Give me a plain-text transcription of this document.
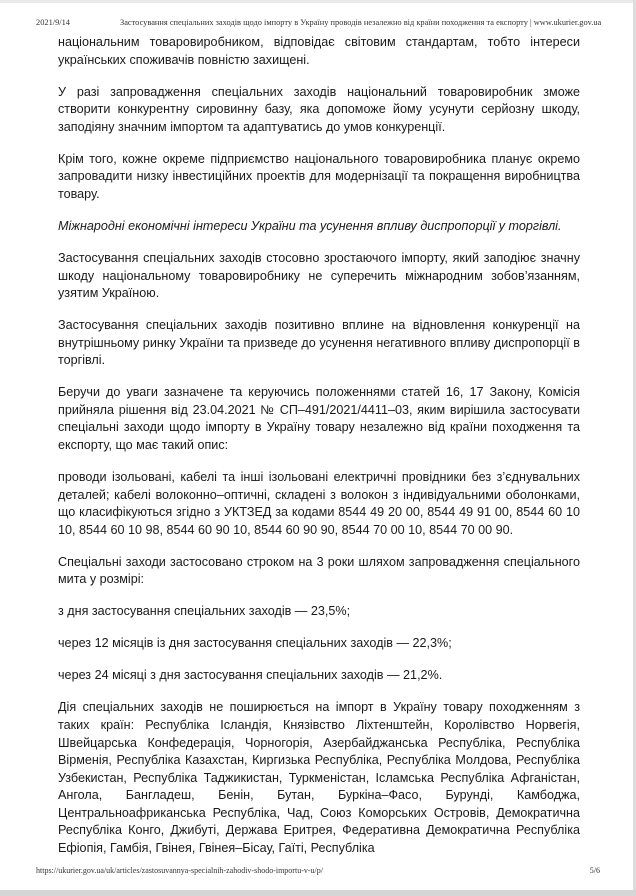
2021/9/14	Застосування спеціальних заходів щодо імпорту в Україну проводів незалежно від країни походження та експорту | www.ukurier.gov.ua

національним товаровиробником, відповідає світовим стандартам, тобто інтереси українських споживачів повністю захищені.

У разі запровадження спеціальних заходів національний товаровиробник зможе створити конкурентну сировинну базу, яка допоможе йому усунути серйозну шкоду, заподіяну значним імпортом та адаптуватись до умов конкуренції.

Крім того, кожне окреме підприємство національного товаровиробника планує окремо запровадити низку інвестиційних проектів для модернізації та покращення виробництва товару.

Міжнародні економічні інтереси України та усунення впливу диспропорції у торгівлі.

Застосування спеціальних заходів стосовно зростаючого імпорту, який заподіює значну шкоду національному товаровиробнику не суперечить міжнародним зобов’язанням, узятим Україною.

Застосування спеціальних заходів позитивно вплине на відновлення конкуренції на внутрішньому ринку України та призведе до усунення негативного впливу диспропорції в торгівлі.

Беручи до уваги зазначене та керуючись положеннями статей 16, 17 Закону, Комісія прийняла рішення від 23.04.2021 № СП–491/2021/4411–03, яким вирішила застосувати спеціальні заходи щодо імпорту в Україну товару незалежно від країни походження та експорту, що має такий опис:

проводи ізольовані, кабелі та інші ізольовані електричні провідники без з’єднувальних деталей; кабелі волоконно–оптичні, складені з волокон з індивідуальними оболонками, що класифікуються згідно з УКТЗЕД за кодами 8544 49 20 00, 8544 49 91 00, 8544 60 10 10, 8544 60 10 98, 8544 60 90 10, 8544 60 90 90, 8544 70 00 10, 8544 70 00 90.

Спеціальні заходи застосовано строком на 3 роки шляхом запровадження спеціального мита у розмірі:

з дня застосування спеціальних заходів — 23,5%;

через 12 місяців із дня застосування спеціальних заходів — 22,3%;

через 24 місяці з дня застосування спеціальних заходів — 21,2%.

Дія спеціальних заходів не поширюється на імпорт в Україну товару походженням з таких країн: Республіка Ісландія, Князівство Ліхтенштейн, Королівство Норвегія, Швейцарська Конфедерація, Чорногорія, Азербайджанська Республіка, Республіка Вірменія, Республіка Казахстан, Киргизька Республіка, Республіка Молдова, Республіка Узбекистан, Республіка Таджикистан, Туркменістан, Ісламська Республіка Афганістан, Ангола, Бангладеш, Бенін, Бутан, Буркіна–Фасо, Бурунді, Камбоджа, Центральноафриканська Республіка, Чад, Союз Коморських Островів, Демократична Республіка Конго, Джибуті, Держава Еритрея, Федеративна Демократична Республіка Ефіопія, Гамбія, Гвінея, Гвінея–Бісау, Гаїті, Республіка

https://ukurier.gov.ua/uk/articles/zastosuvannya-specialnih-zahodiv-shodo-importu-v-u/p/	5/6
